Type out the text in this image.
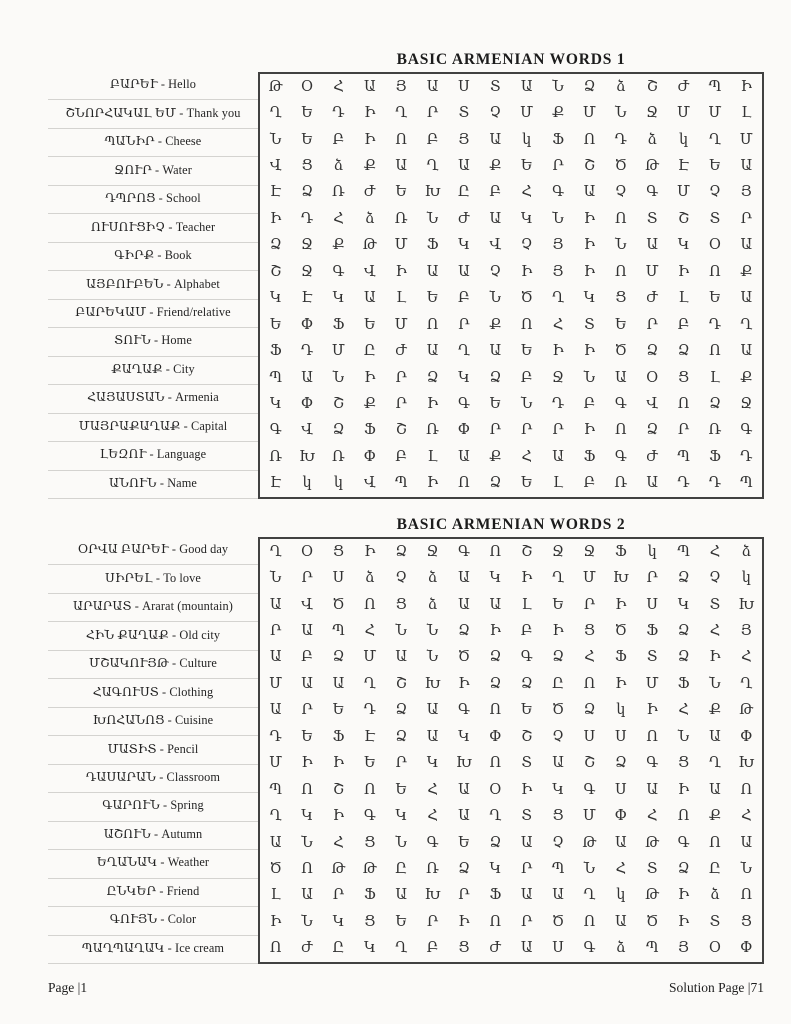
ԲԱՐԵՒ - Hello
ՇՆՈՐՀԱԿԱԼ ԵՄ - Thank you
ՊԱՆԻՐ - Cheese
ՋՈՒՐ - Water
ԴՊՐՈՑ - School
ՈՒՍՈՒՑԻՉ - Teacher
ԳԻՐՔ - Book
ԱՅԲՈՒԲԵՆ - Alphabet
ԲԱՐԵԿԱՄ - Friend/relative
ՏՈՒՆ - Home
ՔԱՂԱՔ - City
ՀԱՅԱՍՏԱՆ - Armenia
ՄԱՅՐԱՔԱՂԱՔ - Capital
ԼԵԶՈՒ - Language
ԱՆՈՒՆ - Name
BASIC ARMENIAN WORDS 1
Թ	Օ	Հ	Ա	Յ	Ա	Ս	Տ	Ա	Ն	Ձ	ձ	Շ	Ժ	Պ	Ի
Ղ	Ե	Դ	Ի	Ղ	Ր	Տ	Չ	Մ	Ք	Մ	Ն	Ջ	Մ	Մ	Լ
Ն	Ե	Բ	Ի	Ո	Բ	Յ	Ա	կ	Ֆ	Ո	Դ	ձ	կ	Ղ	Մ
Վ	Ց	ձ	Ք	Ա	Ղ	Ա	Ք	Ե	Ր	Շ	Ծ	Թ	Է	Ե	Ա
Է	Ձ	Ռ	Ժ	Ե	Խ	Ը	Բ	Հ	Գ	Ա	Չ	Գ	Մ	Չ	Յ
Ի	Դ	Հ	ձ	Ռ	Ն	Ժ	Ա	Կ	Ն	Ի	Ո	Տ	Շ	Տ	Ր
Ձ	Ջ	Ք	Թ	Մ	Ֆ	Կ	Վ	Չ	Յ	Ի	Ն	Ա	Կ	Օ	Ա
Շ	Ջ	Գ	Վ	Ի	Ա	Ա	Չ	Ի	Յ	Ի	Ո	Մ	Ի	Ո	Ք
Կ	Է	Կ	Ա	Լ	Ե	Բ	Ն	Ծ	Ղ	Կ	Ց	Ժ	Լ	Ե	Ա
Ե	Փ	Ֆ	Ե	Մ	Ո	Ր	Ք	Ո	Հ	Տ	Ե	Ր	Բ	Դ	Ղ
Ֆ	Դ	Մ	Ը	Ժ	Ա	Ղ	Ա	Ե	Ի	Ի	Ծ	Ձ	Ձ	Ո	Ա
Պ	Ա	Ն	Ի	Ր	Ձ	Կ	Ձ	Բ	Ջ	Ն	Ա	Օ	Ց	Լ	Ք
Կ	Փ	Շ	Ք	Ր	Ի	Գ	Ե	Ն	Դ	Բ	Գ	Վ	Ո	Ձ	Ջ
Գ	Վ	Ձ	Ֆ	Շ	Ռ	Փ	Ր	Ր	Ր	Ի	Ո	Ձ	Ր	Ռ	Գ
Ռ	Խ	Ռ	Փ	Բ	Լ	Ա	Ք	Հ	Ա	Ֆ	Գ	Ժ	Պ	Ֆ	Դ
Է	կ	կ	Վ	Պ	Ի	Ո	Ձ	Ե	Լ	Բ	Ռ	Ա	Դ	Դ	Պ
ՕՐՎԱ ԲԱՐԵՒ - Good day
ՍԻՐԵԼ - To love
ԱՐԱՐԱՏ - Ararat (mountain)
ՀԻՆ ՔԱՂԱՔ - Old city
ՄՇԱԿՈՒՅԹ - Culture
ՀԱԳՈՒՍՏ - Clothing
ԽՈՀԱՆՈՑ - Cuisine
ՄԱՏԻՏ - Pencil
ԴԱՍԱՐԱՆ - Classroom
ԳԱՐՈՒՆ - Spring
ԱՇՈՒՆ - Autumn
ԵՂԱՆԱԿ - Weather
ԸՆԿԵՐ - Friend
ԳՈՒՅՆ - Color
ՊԱՂՊԱՂԱԿ - Ice cream
BASIC ARMENIAN WORDS 2
Ղ	Օ	Ց	Ի	Ձ	Ջ	Գ	Ո	Շ	Ջ	Ջ	Ֆ	կ	Պ	Հ	ձ
Ն	Ր	Ս	ձ	Չ	ձ	Ա	Կ	Ի	Ղ	Մ	Խ	Ր	Ձ	Չ	կ
Ա	Վ	Ծ	Ո	Ց	ձ	Ա	Ա	Լ	Ե	Ր	Ի	Ս	Կ	Տ	Խ
Ր	Ա	Պ	Հ	Ն	Ն	Ձ	Ի	Բ	Ի	Ց	Ծ	Ֆ	Ձ	Հ	Յ
Ա	Բ	Ձ	Մ	Ա	Ն	Ծ	Ձ	Գ	Ձ	Հ	Ֆ	Տ	Ձ	Ի	Հ
Մ	Ա	Ա	Ղ	Շ	Խ	Ի	Ձ	Ձ	Ը	Ո	Ի	Մ	Ֆ	Ն	Ղ
Ա	Ր	Ե	Դ	Ձ	Ա	Գ	Ո	Ե	Ծ	Ձ	կ	Ի	Հ	Ք	Թ
Դ	Ե	Ֆ	Է	Ձ	Ա	Կ	Փ	Շ	Չ	Ս	Ս	Ո	Ն	Ա	Փ
Մ	Ի	Ի	Ե	Ր	Կ	Խ	Ո	Տ	Ա	Շ	Ձ	Գ	Ց	Ղ	Խ
Պ	Ո	Շ	Ո	Ե	Հ	Ա	Օ	Ի	Կ	Գ	Ս	Ա	Ի	Ա	Ո
Ղ	Կ	Ի	Գ	Կ	Հ	Ա	Ղ	Տ	Ց	Մ	Փ	Հ	Ո	Ք	Հ
Ա	Ն	Հ	Ց	Ն	Գ	Ե	Ձ	Ա	Չ	Թ	Ա	Թ	Գ	Ո	Ա
Ծ	Ո	Թ	Թ	Ը	Ռ	Ձ	Կ	Ր	Պ	Ն	Հ	Տ	Ձ	Ը	Ն
Լ	Ա	Ր	Ֆ	Ա	Խ	Ր	Ֆ	Ա	Ա	Ղ	կ	Թ	Ի	ձ	Ո
Ի	Ն	Կ	Ց	Ե	Ր	Ի	Ո	Ր	Ծ	Ո	Ա	Ծ	Ի	Տ	Ց
Ո	Ժ	Ը	Կ	Ղ	Բ	Ց	Ժ	Ա	Ս	Գ	ձ	Պ	Յ	Օ	Փ
Page |1	Solution Page |71
